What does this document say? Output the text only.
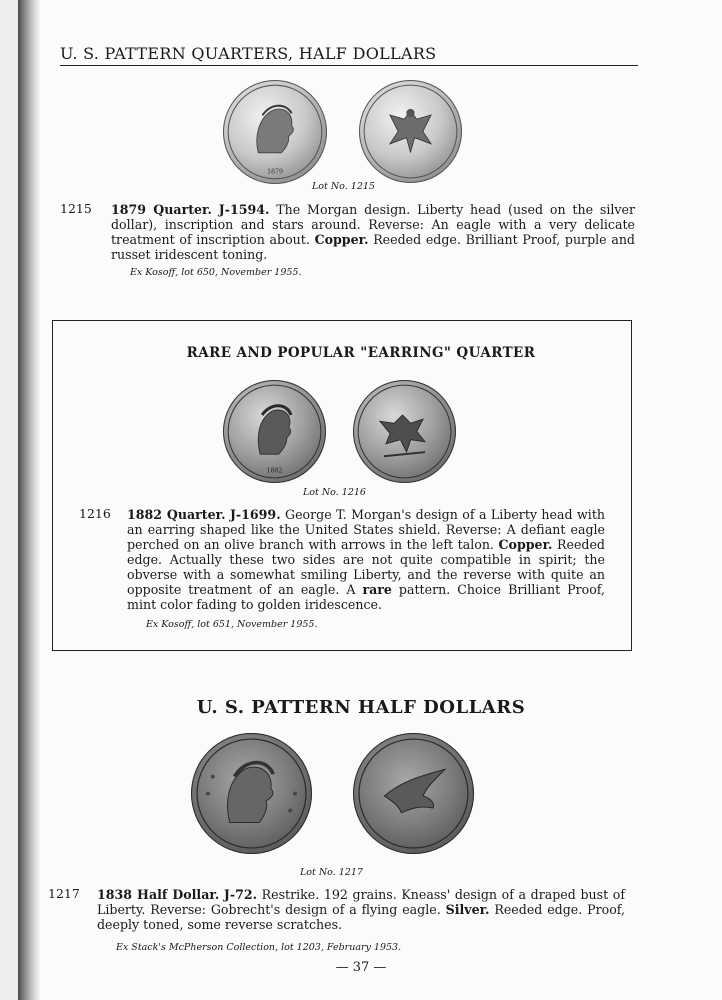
U. S. PATTERN QUARTERS, HALF DOLLARS
1879
Lot No. 1215
1215 1879 Quarter. J-1594. The Morgan design. Liberty head (used on the silver dollar), inscription and stars around. Reverse: An eagle with a very delicate treatment of inscription about. Copper. Reeded edge. Brilliant Proof, purple and russet iridescent toning.
Ex Kosoff, lot 650, November 1955.
RARE AND POPULAR "EARRING" QUARTER
1882
Lot No. 1216
1216 1882 Quarter. J-1699. George T. Morgan's design of a Liberty head with an earring shaped like the United States shield. Reverse: A defiant eagle perched on an olive branch with arrows in the left talon. Copper. Reeded edge. Actually these two sides are not quite compatible in spirit; the obverse with a somewhat smiling Liberty, and the reverse with quite an opposite treatment of an eagle. A rare pattern. Choice Brilliant Proof, mint color fading to golden iridescence.
Ex Kosoff, lot 651, November 1955.
U. S. PATTERN HALF DOLLARS
Lot No. 1217
1217 1838 Half Dollar. J-72. Restrike. 192 grains. Kneass' design of a draped bust of Liberty. Reverse: Gobrecht's design of a flying eagle. Silver. Reeded edge. Proof, deeply toned, some reverse scratches.
Ex Stack's McPherson Collection, lot 1203, February 1953.
— 37 —
